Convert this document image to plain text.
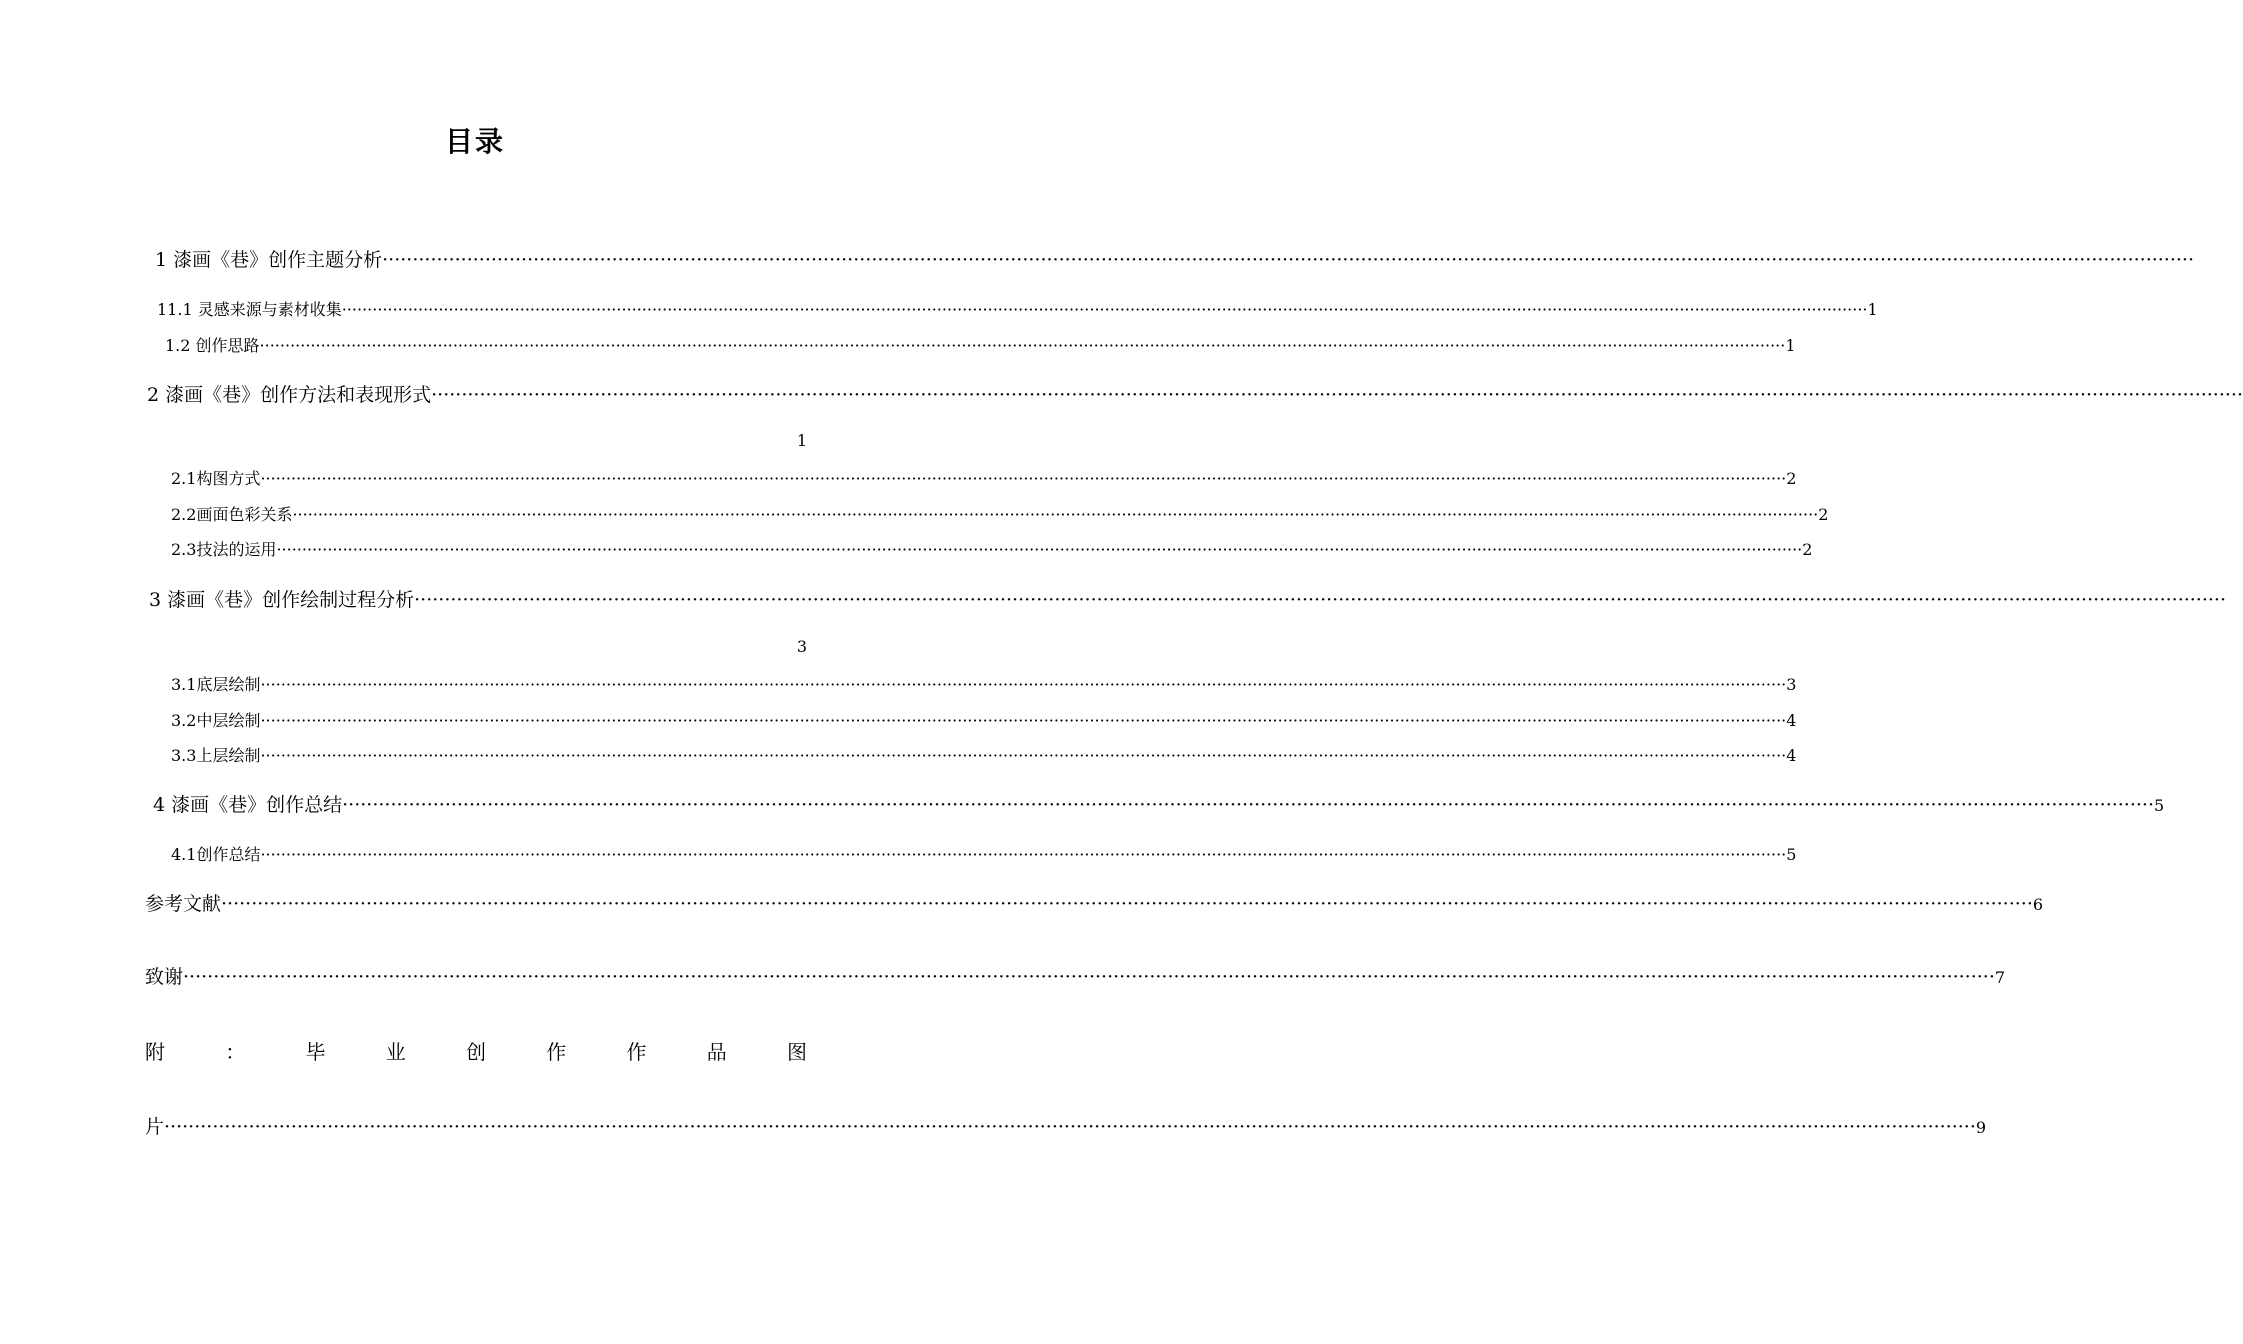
目录
1 漆画《巷》创作主题分析 ············································································································································································································································································································
11.1 灵感来源与素材收集 ············································································································································································································································································································ 1
1.2 创作思路 ············································································································································································································································································································ 1
2 漆画《巷》创作方法和表现形式 ············································································································································································································································································································
1
2.1构图方式 ············································································································································································································································································································ 2
2.2画面色彩关系 ············································································································································································································································································································ 2
2.3技法的运用 ············································································································································································································································································································ 2
3 漆画《巷》创作绘制过程分析 ············································································································································································································································································································
3
3.1底层绘制 ············································································································································································································································································································ 3
3.2中层绘制 ············································································································································································································································································································ 4
3.3上层绘制 ············································································································································································································································································································ 4
4 漆画《巷》创作总结 ············································································································································································································································································································ 5
4.1创作总结 ············································································································································································································································································································ 5
参考文献 ············································································································································································································································································································ 6
致谢 ············································································································································································································································································································ 7
附	：	毕	业	创	作	作	品	图
片 ············································································································································································································································································································ 9
